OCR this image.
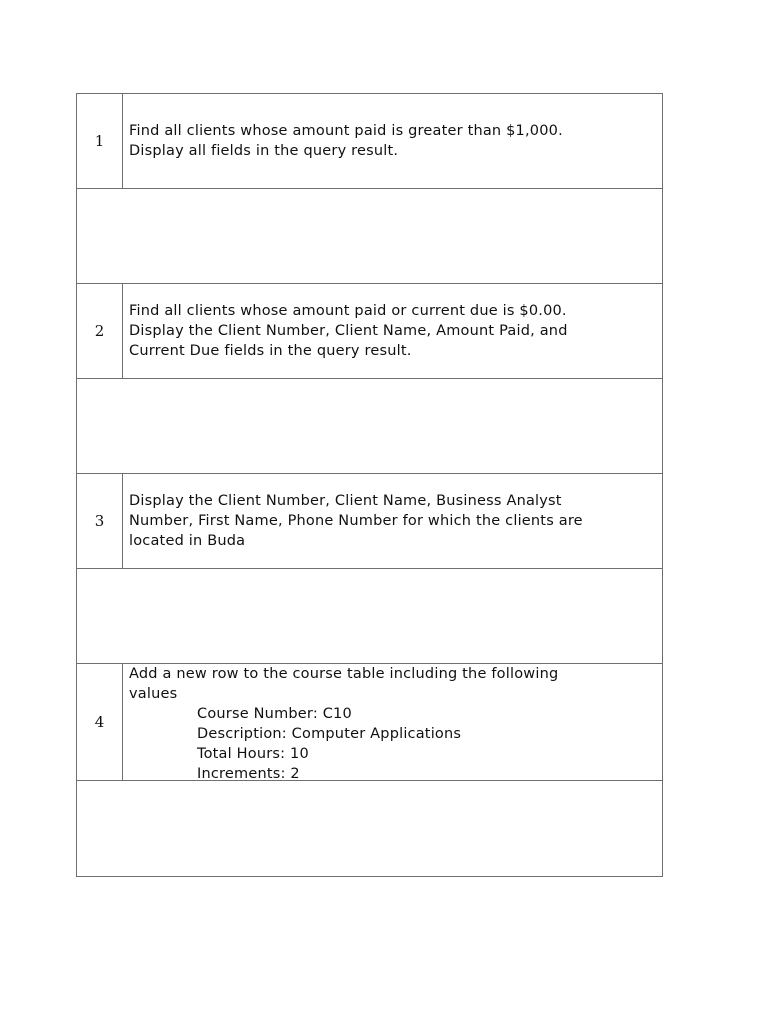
1
Find all clients whose amount paid is greater than $1,000.
Display all fields in the query result.
2
Find all clients whose amount paid or current due is $0.00.
Display the Client Number, Client Name, Amount Paid, and
Current Due fields in the query result.
3
Display the Client Number, Client Name, Business Analyst
Number, First Name, Phone Number for which the clients are
located in Buda
4
Add a new row to the course table including the following
values
Course Number: C10
Description: Computer Applications
Total Hours: 10
Increments: 2
